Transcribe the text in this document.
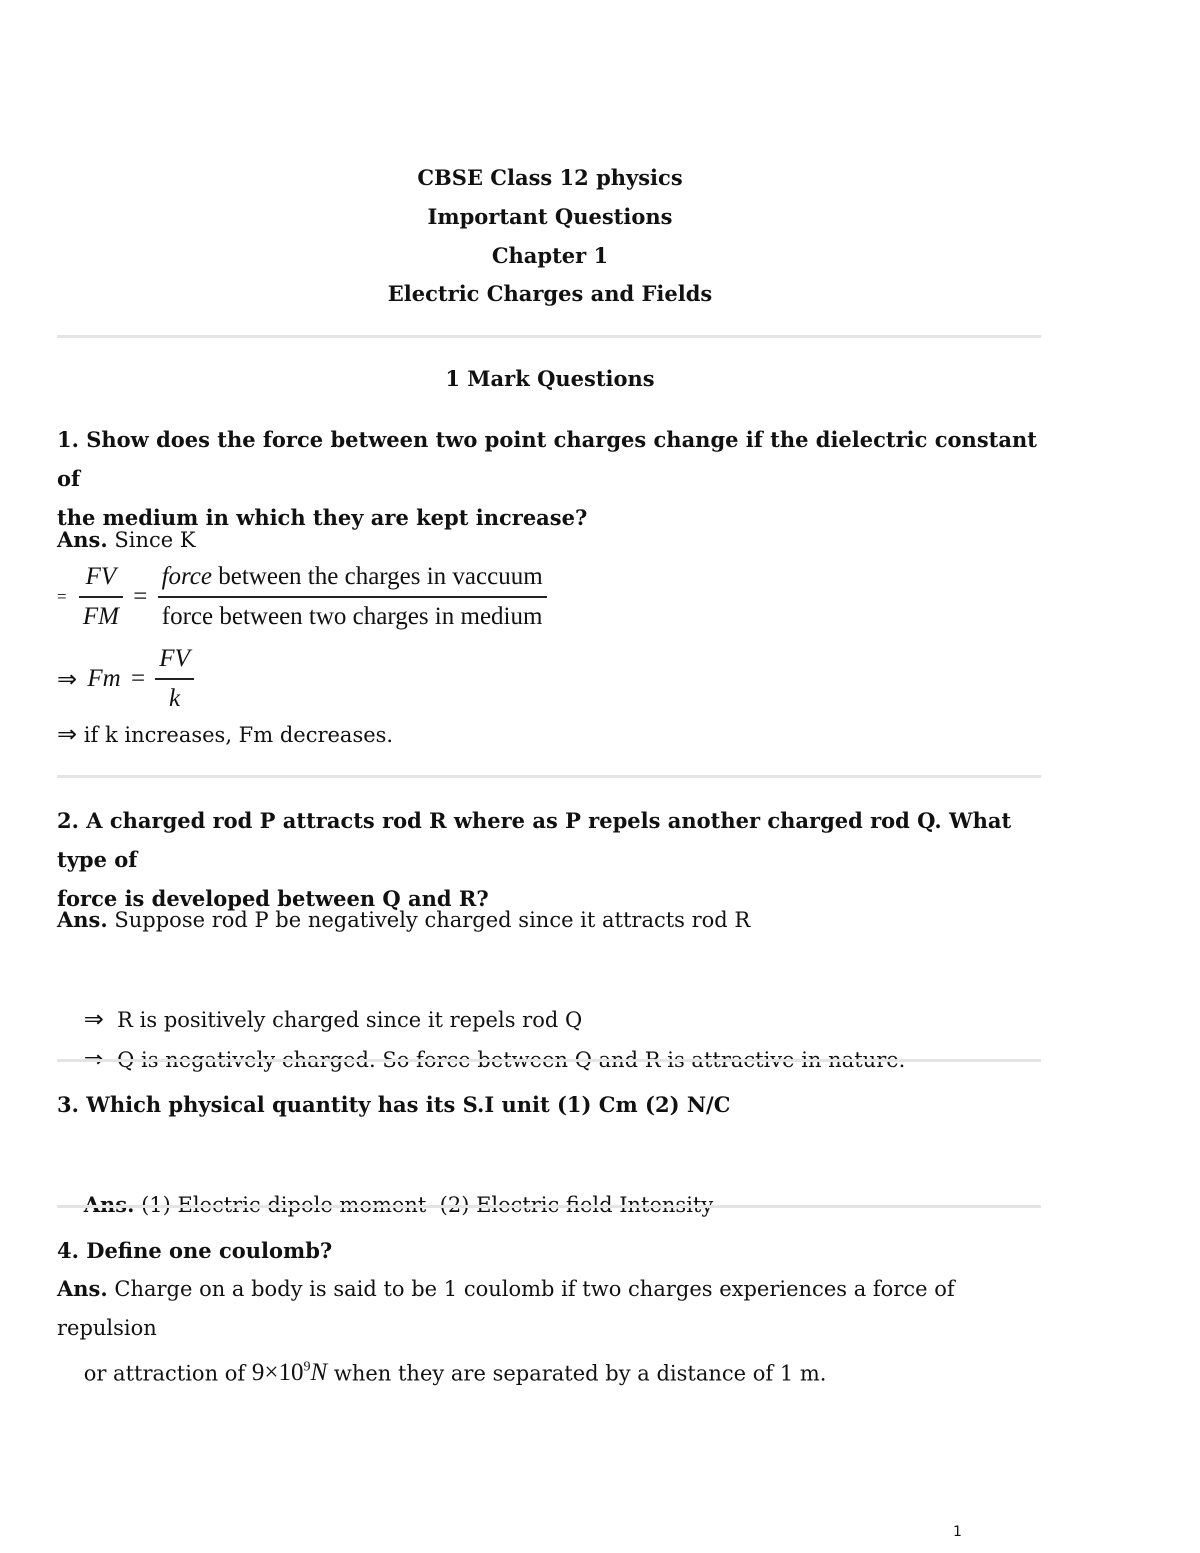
CBSE Class 12 physics
Important Questions
Chapter 1
Electric Charges and Fields
1 Mark Questions
1. Show does the force between two point charges change if the dielectric constant of
the medium in which they are kept increase?
Ans. Since K
= $\frac{FV}{FM} = \frac{\text{force between the charges in vaccuum}}{\text{force between two charges in medium}}$
⇒ $Fm = \frac{FV}{k}$
⇒ if k increases, Fm decreases.
2. A charged rod P attracts rod R where as P repels another charged rod Q. What type of
force is developed between Q and R?
Ans. Suppose rod P be negatively charged since it attracts rod R

⇒  R is positively charged since it repels rod Q

⇒  Q is negatively charged. So force between Q and R is attractive in nature.

3. Which physical quantity has its S.I unit (1) Cm (2) N/C

Ans. (1) Electric dipole moment  (2) Electric field Intensity

4. Define one coulomb?
Ans. Charge on a body is said to be 1 coulomb if two charges experiences a force of repulsion

or attraction of $9\times 10^9N$ when they are separated by a distance of 1 m.

1
